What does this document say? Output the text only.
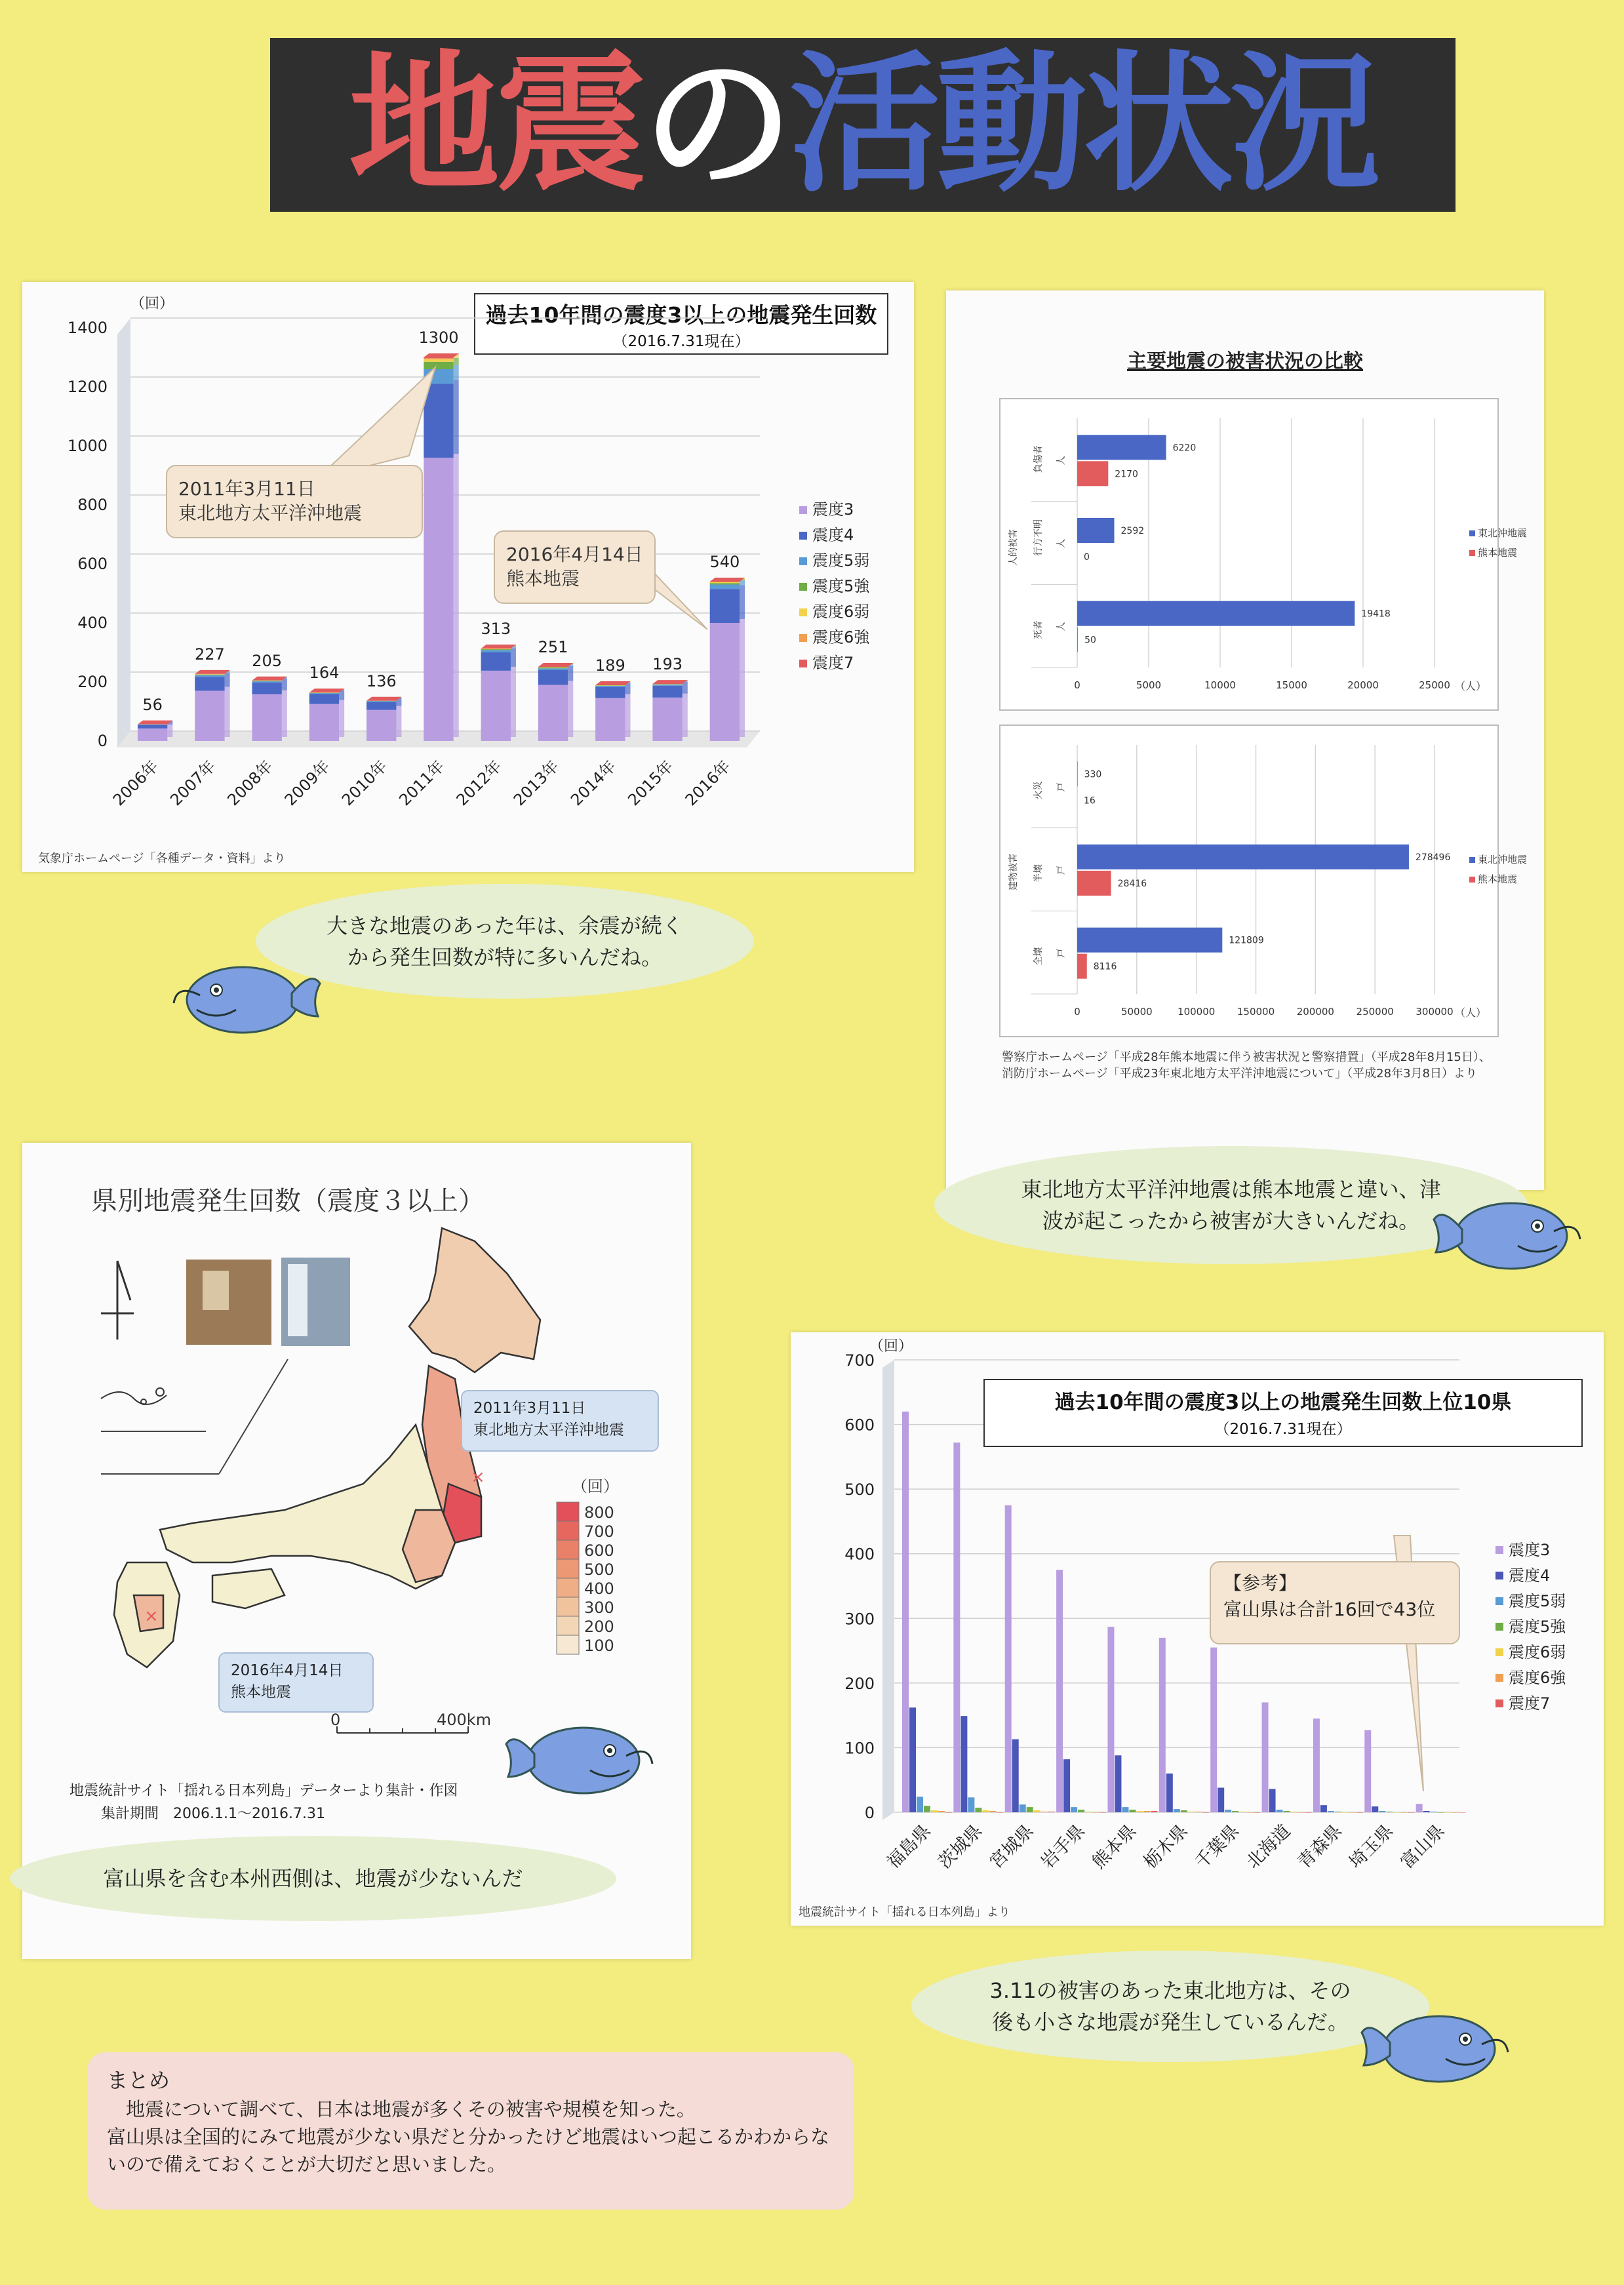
地震の活動状況
過去10年間の震度3以上の地震発生回数
（2016.7.31現在）
（回）
0
200
400
600
800
1000
1200
1400
56
2006年
227
2007年
205
2008年
164
2009年
136
2010年
1300
2011年
313
2012年
251
2013年
189
2014年
193
2015年
540
2016年
震度3
震度4
震度5弱
震度5強
震度6弱
震度6強
震度7
2011年3月11日
東北地方太平洋沖地震
2016年4月14日
熊本地震
気象庁ホームページ「各種データ・資料」より
大きな地震のあった年は、余震が続く
から発生回数が特に多いんだね。
主要地震の被害状況の比較
人的被害
建物被害
0	5000	10000	15000	20000	25000 （人）
負傷者 人
6220
2170
行方不明 人
2592
0
死者 人
19418
50
東北沖地震
熊本地震
0	50000	100000 150000 200000 250000 300000 （人）
火災 戸
330
16
半壊 戸
278496
28416
全壊 戸
121809
8116
東北沖地震
熊本地震
警察庁ホームページ「平成28年熊本地震に伴う被害状況と警察措置」（平成28年8月15日）、
消防庁ホームページ「平成23年東北地方太平洋沖地震について」（平成28年3月8日）より
東北地方太平洋沖地震は熊本地震と違い、津
波が起こったから被害が大きいんだね。
県別地震発生回数（震度３以上）
×
×
2011年3月11日
東北地方太平洋沖地震
2016年4月14日
熊本地震
（回）
800
700
600
500
400
300
200
100
0	400km
地震統計サイト「揺れる日本列島」データーより集計・作図
集計期間　2006.1.1～2016.7.31
富山県を含む本州西側は、地震が少ないんだ
（回）
0
100
200
300
400
500
600
700
福島県 茨城県 宮城県 岩手県 熊本県 栃木県 千葉県 北海道 青森県 埼玉県 富山県
過去10年間の震度3以上の地震発生回数上位10県
（2016.7.31現在）
【参考】
富山県は合計16回で43位
震度3
震度4
震度5弱
震度5強
震度6弱
震度6強
震度7
地震統計サイト「揺れる日本列島」より
3.11の被害のあった東北地方は、その
後も小さな地震が発生しているんだ。
まとめ
　地震について調べて、日本は地震が多くその被害や規模を知った。
富山県は全国的にみて地震が少ない県だと分かったけど地震はいつ起こるかわからな
いので備えておくことが大切だと思いました。
